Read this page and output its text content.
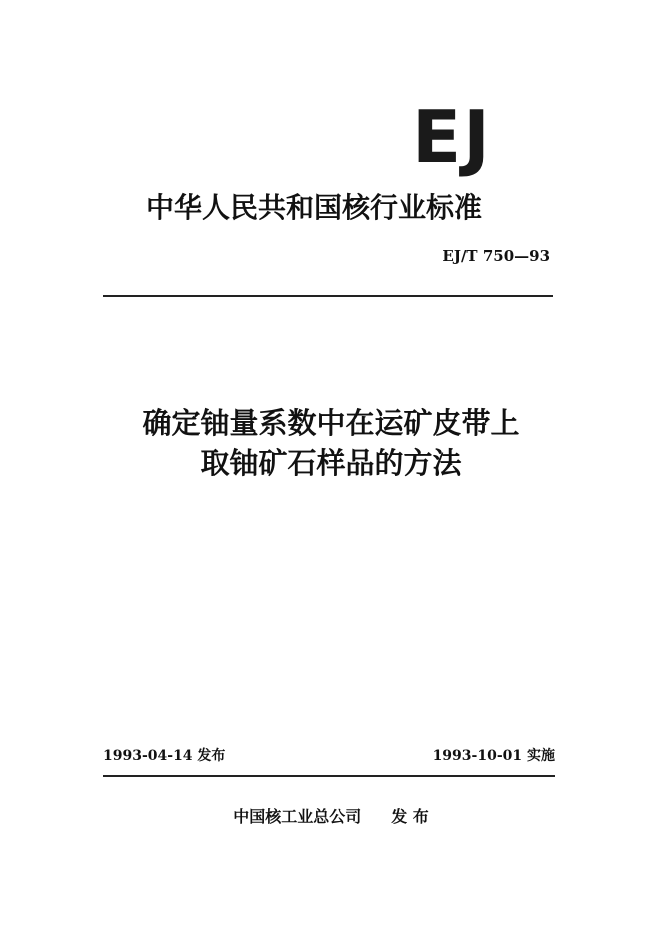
EJ
中华人民共和国核行业标准
EJ/T 750—93
确定铀量系数中在运矿皮带上
取铀矿石样品的方法
1993-04-14 发布	1993-10-01 实施
中国核工业总公司 发 布
